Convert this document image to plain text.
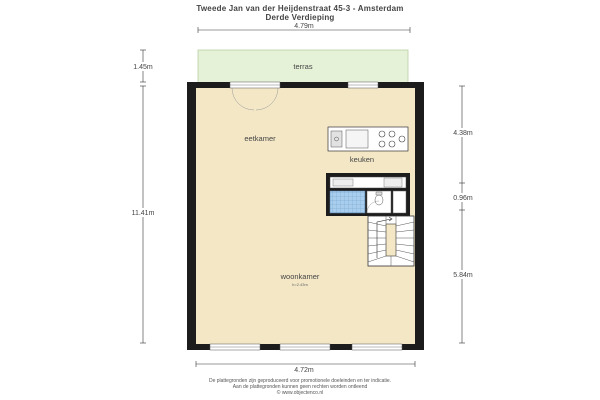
Tweede Jan van der Heijdenstraat 45-3 - Amsterdam
Derde Verdieping
terras
keuken
eetkamer
woonkamer
h=2.43m
4.79m
4.72m
1.45m
11.41m
4.38m
0.96m
5.84m
De plattegronden zijn geproduceerd voor promotionele doeleinden en ter indicatie.
Aan de plattegronden kunnen geen rechten worden ontleend
© www.objectenco.nl
